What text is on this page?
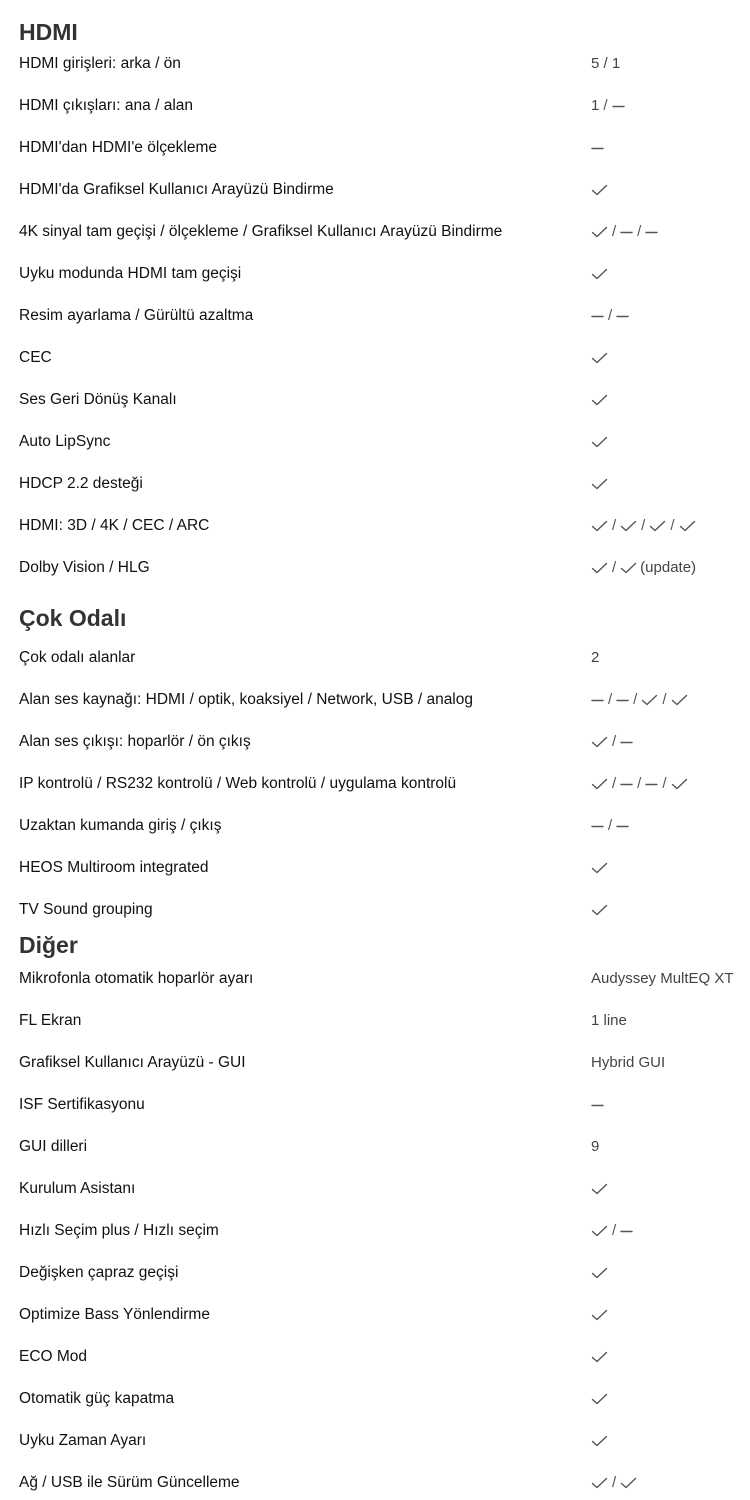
HDMI
HDMI girişleri: arka / ön	5 / 1
HDMI çıkışları: ana / alan	1 /
HDMI'dan HDMI'e ölçekleme
HDMI'da Grafiksel Kullanıcı Arayüzü Bindirme
4K sinyal tam geçişi / ölçekleme / Grafiksel Kullanıcı Arayüzü Bindirme	/ /
Uyku modunda HDMI tam geçişi
Resim ayarlama / Gürültü azaltma	/
CEC
Ses Geri Dönüş Kanalı
Auto LipSync
HDCP 2.2 desteği
HDMI: 3D / 4K / CEC / ARC	/ / /
Dolby Vision / HLG	/ (update)
Çok Odalı
Çok odalı alanlar	2
Alan ses kaynağı: HDMI / optik, koaksiyel / Network, USB / analog	/ / /
Alan ses çıkışı: hoparlör / ön çıkış	/
IP kontrolü / RS232 kontrolü / Web kontrolü / uygulama kontrolü	/ / /
Uzaktan kumanda giriş / çıkış	/
HEOS Multiroom integrated
TV Sound grouping
Diğer
Mikrofonla otomatik hoparlör ayarı	Audyssey MultEQ XT
FL Ekran	1 line
Grafiksel Kullanıcı Arayüzü - GUI	Hybrid GUI
ISF Sertifikasyonu
GUI dilleri	9
Kurulum Asistanı
Hızlı Seçim plus / Hızlı seçim	/
Değişken çapraz geçişi
Optimize Bass Yönlendirme
ECO Mod
Otomatik güç kapatma
Uyku Zaman Ayarı
Ağ / USB ile Sürüm Güncelleme	/
